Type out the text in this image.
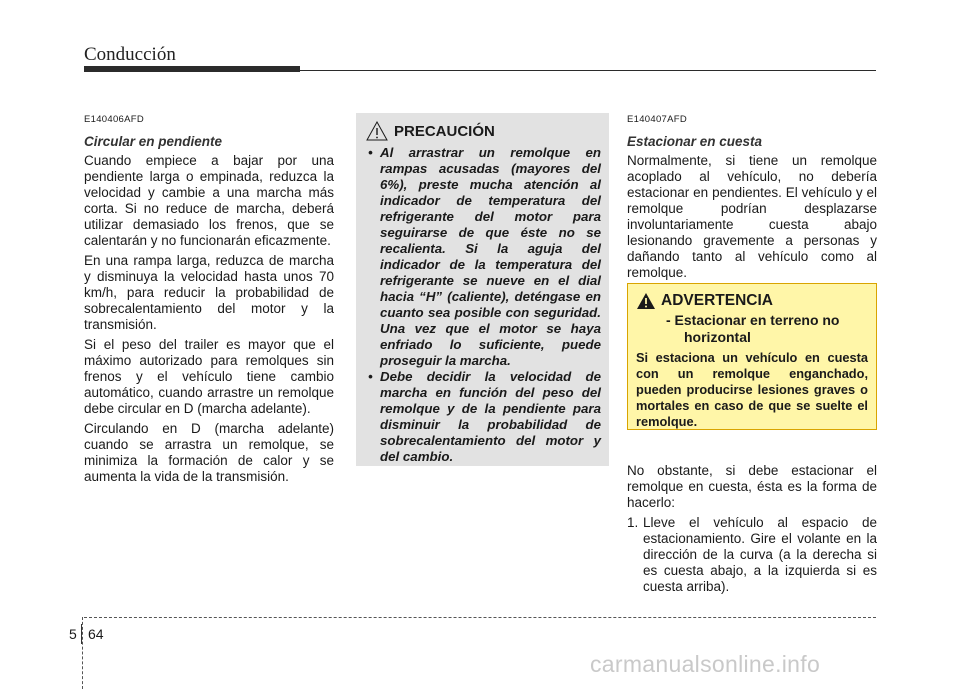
Conducción
E140406AFD
Circular en pendiente

Cuando empiece a bajar por una pendiente larga o empinada, reduzca la velocidad y cambie a una marcha más corta. Si no reduce de marcha, deberá utilizar demasiado los frenos, que se calentarán y no funcionarán eficazmente.

En una rampa larga, reduzca de marcha y disminuya la velocidad hasta unos 70 km/h, para reducir la probabilidad de sobrecalentamiento del motor y la transmisión.

Si el peso del trailer es mayor que el máximo autorizado para remolques sin frenos y el vehículo tiene cambio automático, cuando arrastre un remolque debe circular en D (marcha adelante).

Circulando en D (marcha adelante) cuando se arrastra un remolque, se minimiza la formación de calor y se aumenta la vida de la transmisión.

PRECAUCIÓN
• Al arrastrar un remolque en rampas acusadas (mayores del 6%), preste mucha atención al indicador de temperatura del refrigerante del motor para seguirarse de que éste no se recalienta. Si la aguja del indicador de la temperatura del refrigerante se nueve en el dial hacia “H” (caliente), deténgase en cuanto sea posible con seguridad. Una vez que el motor se haya enfriado lo suficiente, puede proseguir la marcha.
• Debe decidir la velocidad de marcha en función del peso del remolque y de la pendiente para disminuir la probabilidad de sobrecalentamiento del motor y del cambio.
E140407AFD
Estacionar en cuesta

Normalmente, si tiene un remolque acoplado al vehículo, no debería estacionar en pendientes. El vehículo y el remolque podrían desplazarse involuntariamente cuesta abajo lesionando gravemente a personas y dañando tanto al vehículo como al remolque.

ADVERTENCIA
- Estacionar en terreno no
horizontal
Si estaciona un vehículo en cuesta con un remolque enganchado, pueden producirse lesiones graves o mortales en caso de que se suelte el remolque.

No obstante, si debe estacionar el remolque en cuesta, ésta es la forma de hacerlo:

1. Lleve el vehículo al espacio de estacionamiento. Gire el volante en la dirección de la curva (a la derecha si es cuesta abajo, a la izquierda si es cuesta arriba).
5 64
carmanualsonline.info
